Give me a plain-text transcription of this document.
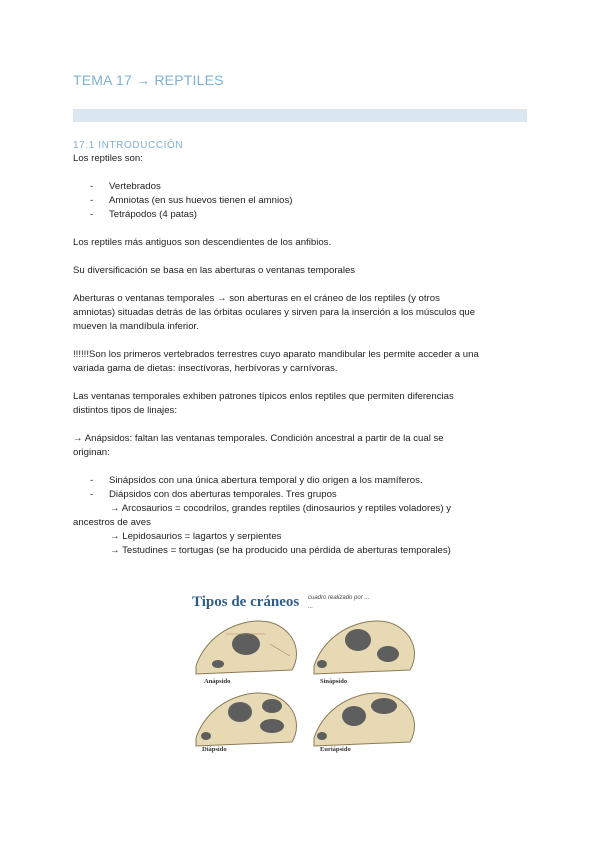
TEMA 17 → REPTILES
17.1 INTRODUCCIÓN
Los reptiles son:
- Vertebrados
- Amniotas (en sus huevos tienen el amnios)
- Tetrápodos (4 patas)
Los reptiles más antiguos son descendientes de los anfibios.
Su diversificación se basa en las aberturas o ventanas temporales
Aberturas o ventanas temporales → son aberturas en el cráneo de los reptiles (y otros
amniotas) situadas detrás de las órbitas oculares y sirven para la inserción a los músculos que
mueven la mandíbula inferior.
!!!!!!Son los primeros vertebrados terrestres cuyo aparato mandibular les permite acceder a una
variada gama de dietas: insectívoras, herbívoras y carnívoras.
Las ventanas temporales exhiben patrones típicos enlos reptiles que permiten diferencias
distintos tipos de linajes:
→ Anápsidos: faltan las ventanas temporales. Condición ancestral a partir de la cual se
originan:
- Sinápsidos con una única abertura temporal y dio origen a los mamíferos.
- Diápsidos con dos aberturas temporales. Tres grupos
→ Arcosaurios = cocodrilos, grandes reptiles (dinosaurios y reptiles voladores) y
ancestros de aves
→ Lepidosaurios = lagartos y serpientes
→ Testudines = tortugas (se ha producido una pérdida de aberturas temporales)
Tipos de cráneos cuadro realizado por ...
...
Anápsido	Sinápsido
Diápsido	Euriápsido
